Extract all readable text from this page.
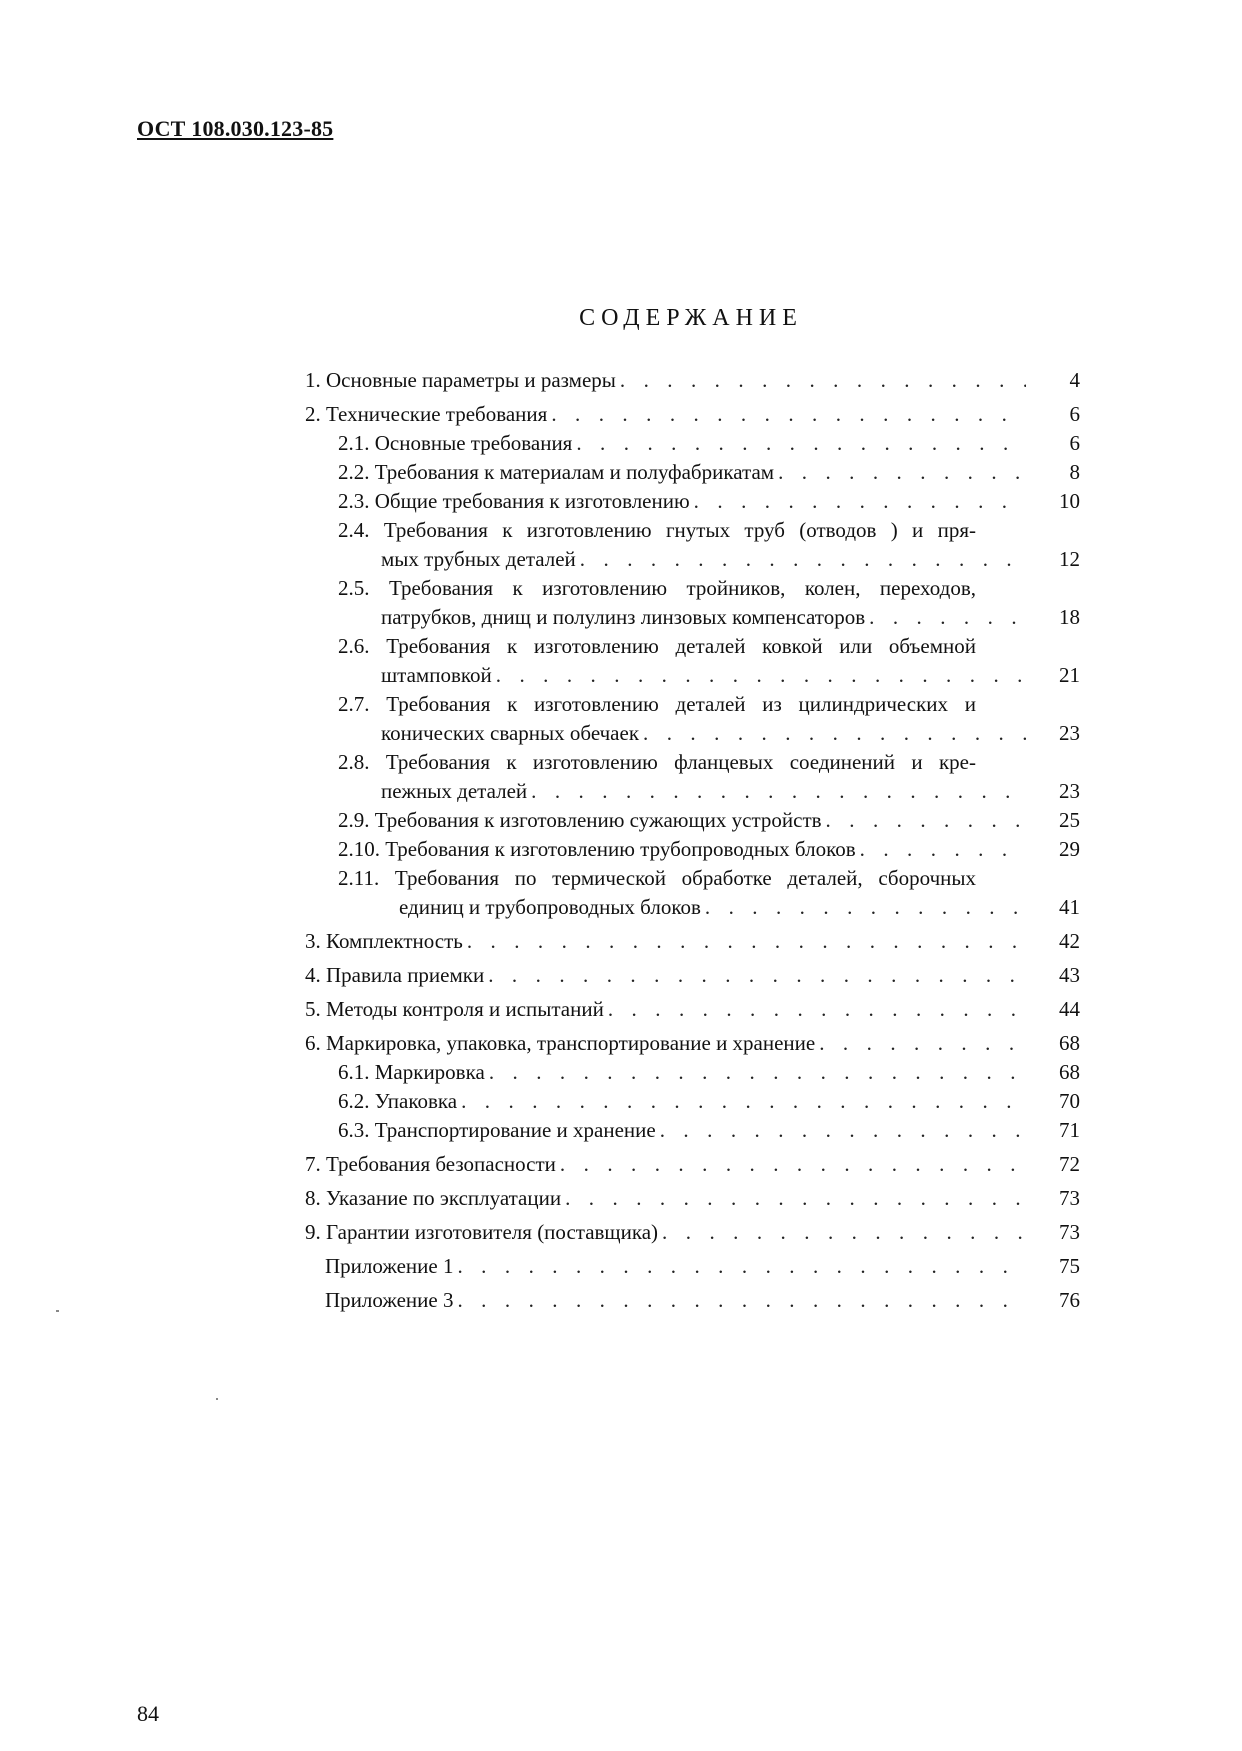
ОСТ 108.030.123-85
СОДЕРЖАНИЕ
1. Основные параметры и размеры . . .	4
2. Технические требования . . .	6
2.1. Основные требования . . .	6
2.2. Требования к материалам и полуфабрикатам . . .	8
2.3. Общие требования к изготовлению . . .	10
2.4. Требования к изготовлению гнутых труб (отводов ) и пря-
мых трубных деталей . . .	12
2.5. Требования к изготовлению тройников, колен, переходов,
патрубков, днищ и полулинз линзовых компенсаторов . . .	18
2.6. Требования к изготовлению деталей ковкой или объемной
штамповкой . . .	21
2.7. Требования к изготовлению деталей из цилиндрических и
конических сварных обечаек . . .	23
2.8. Требования к изготовлению фланцевых соединений и кре-
пежных деталей . . .	23
2.9. Требования к изготовлению сужающих устройств . . .	25
2.10. Требования к изготовлению трубопроводных блоков . . .	29
2.11. Требования по термической обработке деталей, сборочных
единиц и трубопроводных блоков . . .	41
3. Комплектность . . .	42
4. Правила приемки . . .	43
5. Методы контроля и испытаний . . .	44
6. Маркировка, упаковка, транспортирование и хранение . . .	68
6.1. Маркировка . . .	68
6.2. Упаковка . . .	70
6.3. Транспортирование и хранение . . .	71
7. Требования безопасности . . .	72
8. Указание по эксплуатации . . .	73
9. Гарантии изготовителя (поставщика) . . .	73
Приложение 1 . . .	75
Приложение 3 . . .	76
84
